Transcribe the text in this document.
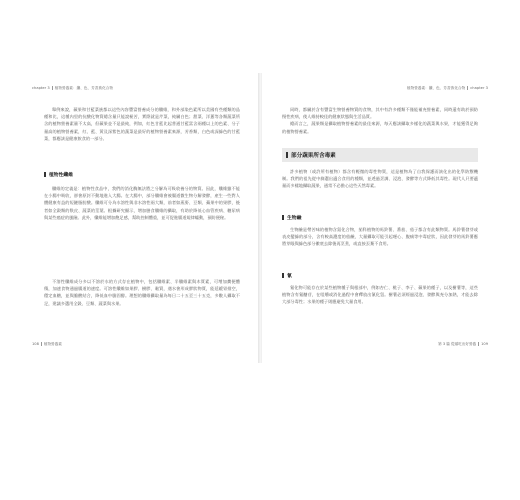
chapter 3 植物營養素：纖、色、芳香族化合物

舉例來說，蘋果和甘藍菜族都以這些內容豐富營養成分的纖維，和外部染色素所以美國有些種類的品種和比，這種內里的抗酸化物質總含量只能說極苦，實際就是芹菜，純屬白色；甜菜、洋蔥等各類蔬菜所含的植物營養素量不太高，但蘋果並不是最純，例如，紅色甘藍比起普通甘藍富含兩種以上的色素、分子量高的植物營養素，紅、藍、黃及深紫色的蔬菜是最好的植物營養素來源，芳香類，白色或深綠色的甘藍菜，都應該是健康飲食的一部分。

植物性纖維

纖維的定義是：植物性食品中，我們的消化酶無法將之分解為可吸收養分的物質。因此，纖維雖不能在小腸中吸收，卻會原封不動地進入大腸。在大腸中，部分纖維會被腸道微生物分解發酵，產生一些對人體健康有益的短鏈脂肪酸。纖維可分為水溶性與非水溶性兩大類，前者如燕麥、豆類、蘋果中的果膠，後者如全穀類的麩皮、蔬菜的莖葉。根據研究顯示，增加膳食纖維的攝取，有助於降低心血管疾病、糖尿病與某些癌症的風險。此外，纖維能增加飽足感，幫助控制體重，並可促進腸道規律蠕動，預防便秘。

不溶性纖維成分多以不溶於水的方式存在植物中，包括纖維素、半纖維素與木質素，可增加糞便體積，加速食物通過腸道的速度。可溶性纖維如果膠、樹膠、黏質，遇水會形成膠狀物質，能延緩胃排空，穩定血糖，並與膽酸結合，降低血中膽固醇。理想的纖維攝取量為每日二十五至三十五克，多數人攝取不足，建議多選用全穀、豆類、蔬菜與水果。

108 植物營養素
植物營養素：纖、色、芳香族化合物 chapter 3

同時，都屬於含有豐富生物營養物質的食物，其中有許多種類不僅能補充營養素，同時還有助於預防慢性疾病，使人維持較佳的健康狀態與生活品質。

總而言之，蔬果類是攝取植物營養素的最佳來源，每天應該攝取多樣化的蔬菜與水果，才能獲得足夠的植物營養素。

部分蔬果所含毒素

許多植物（或許所有植物）都含有輕微的毒性物質，這是植物為了自我保護而演化出的化學防禦機制。我們的祖先從中篩選出適合食用的種類，並透過烹調、浸泡、發酵等方式降低其毒性。現代人只要適量而多樣地攝取蔬果，通常不必擔心這些天然毒素。

生物鹼

生物鹼是帶苦味的植物含氮化合物，茄科植物的馬鈴薯、番茄、茄子都含有此類物質。馬鈴薯發芽或表皮變綠的部分，含有較高濃度的茄鹼，大量攝取可能引起噁心、腹痛等中毒症狀，因此發芽的馬鈴薯應將芽眼與綠色部分徹底去除後再烹煮，或直接丟棄不食用。

氰

氰化物可能存在於某些植物種子與根部中，例如杏仁、桃子、李子、蘋果的種子，以及樹薯等，這些植物含有氰醣苷，在咀嚼或消化過程中會釋放出氰化氫。樹薯必須經過浸泡、發酵與充分加熱，才能去除大部分毒性；水果的種子則應避免大量食用。

第 3 篇 從頭吃出好營養 109
